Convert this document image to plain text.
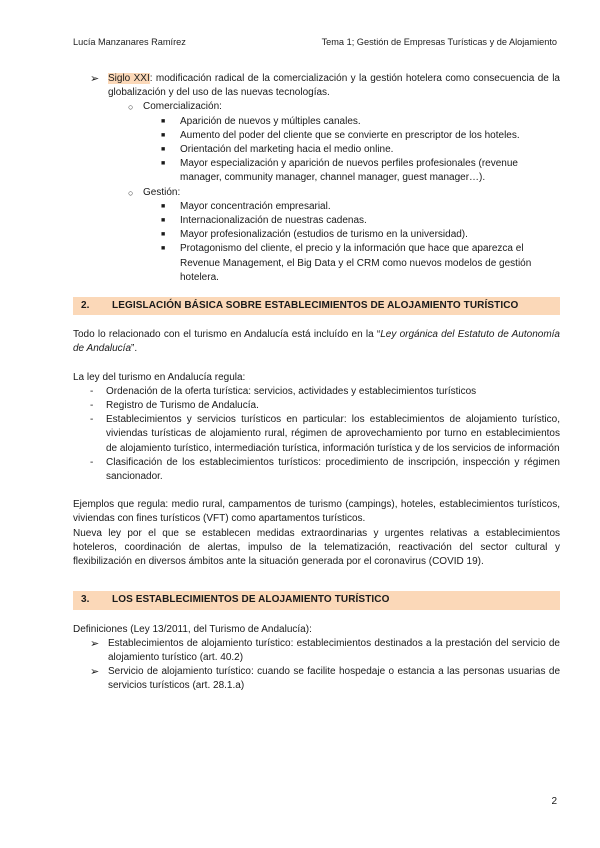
Lucía Manzanares Ramírez	Tema 1; Gestión de Empresas Turísticas y de Alojamiento
➢ Siglo XXI: modificación radical de la comercialización y la gestión hotelera como consecuencia de la globalización y del uso de las nuevas tecnologías.
○ Comercialización:
■	Aparición de nuevos y múltiples canales.
■	Aumento del poder del cliente que se convierte en prescriptor de los hoteles.
■	Orientación del marketing hacia el medio online.
■	Mayor especialización y aparición de nuevos perfiles profesionales (revenue manager, community manager, channel manager, guest manager…).
○ Gestión:
■	Mayor concentración empresarial.
■	Internacionalización de nuestras cadenas.
■	Mayor profesionalización (estudios de turismo en la universidad).
■	Protagonismo del cliente, el precio y la información que hace que aparezca el Revenue Management, el Big Data y el CRM como nuevos modelos de gestión hotelera.
2. LEGISLACIÓN BÁSICA SOBRE ESTABLECIMIENTOS DE ALOJAMIENTO TURÍSTICO
Todo lo relacionado con el turismo en Andalucía está incluído en la “Ley orgánica del Estatuto de Autonomía de Andalucía”.
La ley del turismo en Andalucía regula:
-	Ordenación de la oferta turística: servicios, actividades y establecimientos turísticos
-	Registro de Turismo de Andalucía.
-	Establecimientos y servicios turísticos en particular: los establecimientos de alojamiento turístico, viviendas turísticas de alojamiento rural, régimen de aprovechamiento por turno en establecimientos de alojamiento turístico, intermediación turística, información turística y de los servicios de información
-	Clasificación de los establecimientos turísticos: procedimiento de inscripción, inspección y régimen sancionador.
Ejemplos que regula: medio rural, campamentos de turismo (campings), hoteles, establecimientos turísticos, viviendas con fines turísticos (VFT) como apartamentos turísticos.
Nueva ley por el que se establecen medidas extraordinarias y urgentes relativas a establecimientos hoteleros, coordinación de alertas, impulso de la telematización, reactivación del sector cultural y flexibilización en diversos ámbitos ante la situación generada por el coronavirus (COVID 19).
3. LOS ESTABLECIMIENTOS DE ALOJAMIENTO TURÍSTICO
Definiciones (Ley 13/2011, del Turismo de Andalucía):
➢ Establecimientos de alojamiento turístico: establecimientos destinados a la prestación del servicio de alojamiento turístico (art. 40.2)
➢ Servicio de alojamiento turístico: cuando se facilite hospedaje o estancia a las personas usuarias de servicios turísticos (art. 28.1.a)
2
